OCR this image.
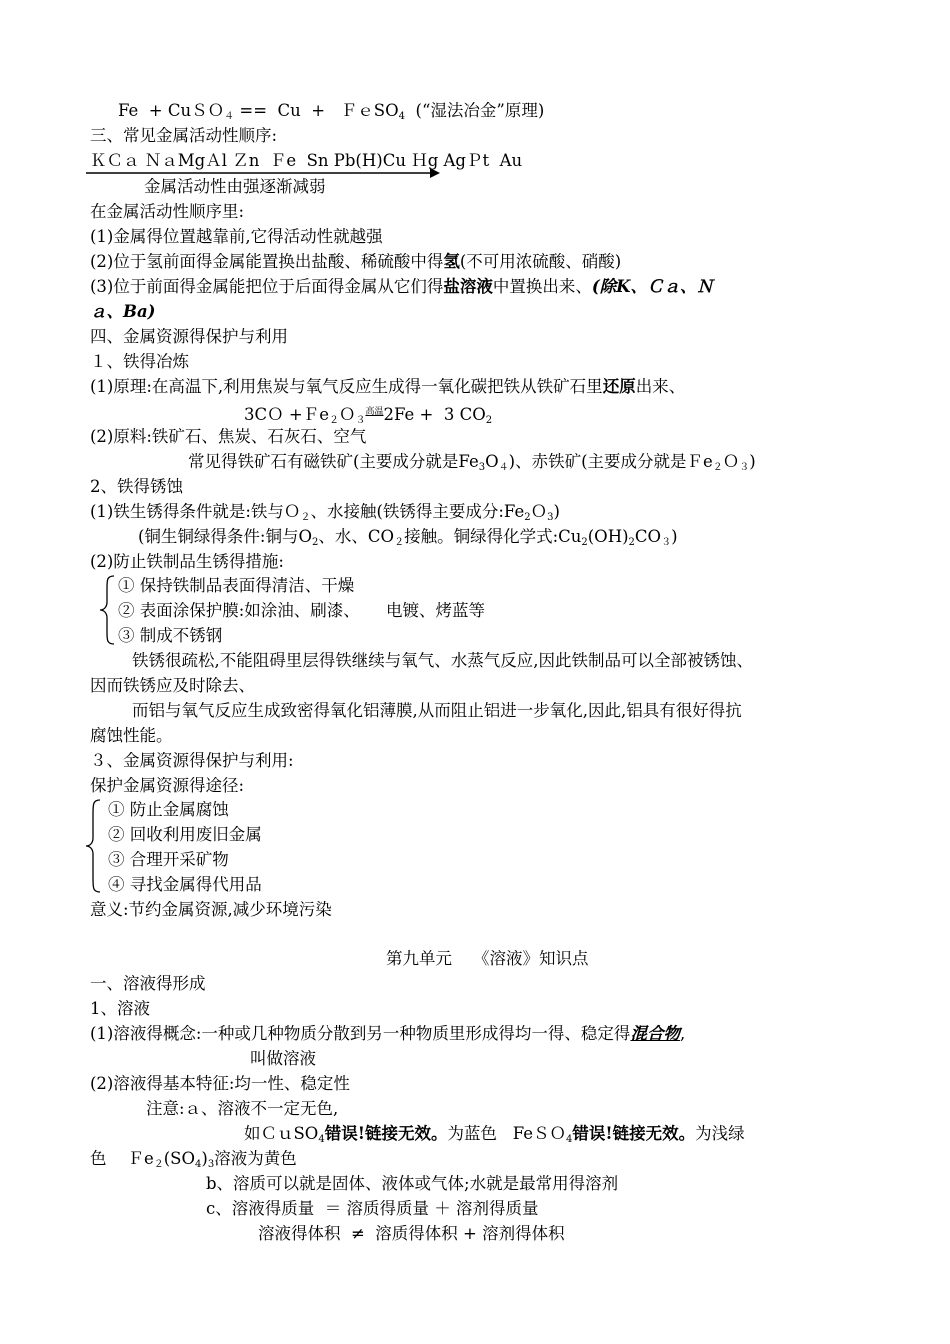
Fe  + CuＳＯ$_4$ ==  Cu  +   ＦｅSO$_4$  (“湿法冶金”原理)
三、常见金属活动性顺序:
ＫＣａ ＮａMgＡl Ｚn  Ｆe  Sn Pb(H)Cu Ｈg AgＰt  Au
金属活动性由强逐渐减弱
在金属活动性顺序里:
(1)金属得位置越靠前,它得活动性就越强
(2)位于氢前面得金属能置换出盐酸、稀硫酸中得氢(不可用浓硫酸、硝酸)
(3)位于前面得金属能把位于后面得金属从它们得盐溶液中置换出来、(除K、Ｃａ、Ｎ
ａ、Ba)
四、金属资源得保护与利用
１、铁得冶炼
(1)原理:在高温下,利用焦炭与氧气反应生成得一氧化碳把铁从铁矿石里还原出来、
3CＯ +Ｆe$_2$Ｏ$_3^{高温}$2Fe +  3 $CO_2$
(2)原料:铁矿石、焦炭、石灰石、空气
常见得铁矿石有磁铁矿(主要成分就是$Fe_3O_4$)、赤铁矿(主要成分就是Ｆe$_2$Ｏ$_3$)
2、铁得锈蚀
(1)铁生锈得条件就是:铁与Ｏ$_2$、水接触(铁锈得主要成分$:Fe_2O_3$)
(铜生铜绿得条件:铜与$O_2$、水、$CO_2$接触。铜绿得化学式$:Cu_2(OH)_2CO_3$)
(2)防止铁制品生锈得措施:
① 保持铁制品表面得清洁、干燥
② 表面涂保护膜:如涂油、刷漆、     电镀、烤蓝等
③ 制成不锈钢
铁锈很疏松,不能阻碍里层得铁继续与氧气、水蒸气反应,因此铁制品可以全部被锈蚀、
因而铁锈应及时除去、
而铝与氧气反应生成致密得氧化铝薄膜,从而阻止铝进一步氧化,因此,铝具有很好得抗
腐蚀性能。
３、金属资源得保护与利用:
保护金属资源得途径:
① 防止金属腐蚀
② 回收利用废旧金属
③ 合理开采矿物
④ 寻找金属得代用品
意义:节约金属资源,减少环境污染
第九单元    《溶液》知识点
一、溶液得形成
1、溶液
(1)溶液得概念:一种或几种物质分散到另一种物质里形成得均一得、稳定得混合物,
叫做溶液
(2)溶液得基本特征:均一性、稳定性
注意:ａ、溶液不一定无色,
如ＣｕSO$_4$错误!链接无效。为蓝色   FeＳＯ$_4$错误!链接无效。为浅绿
色    $Fe_2(SO_4)_3$溶液为黄色
b、溶质可以就是固体、液体或气体;水就是最常用得溶剂
c、溶液得质量  ＝ 溶质得质量 ＋ 溶剂得质量
溶液得体积  ≠  溶质得体积 + 溶剂得体积
